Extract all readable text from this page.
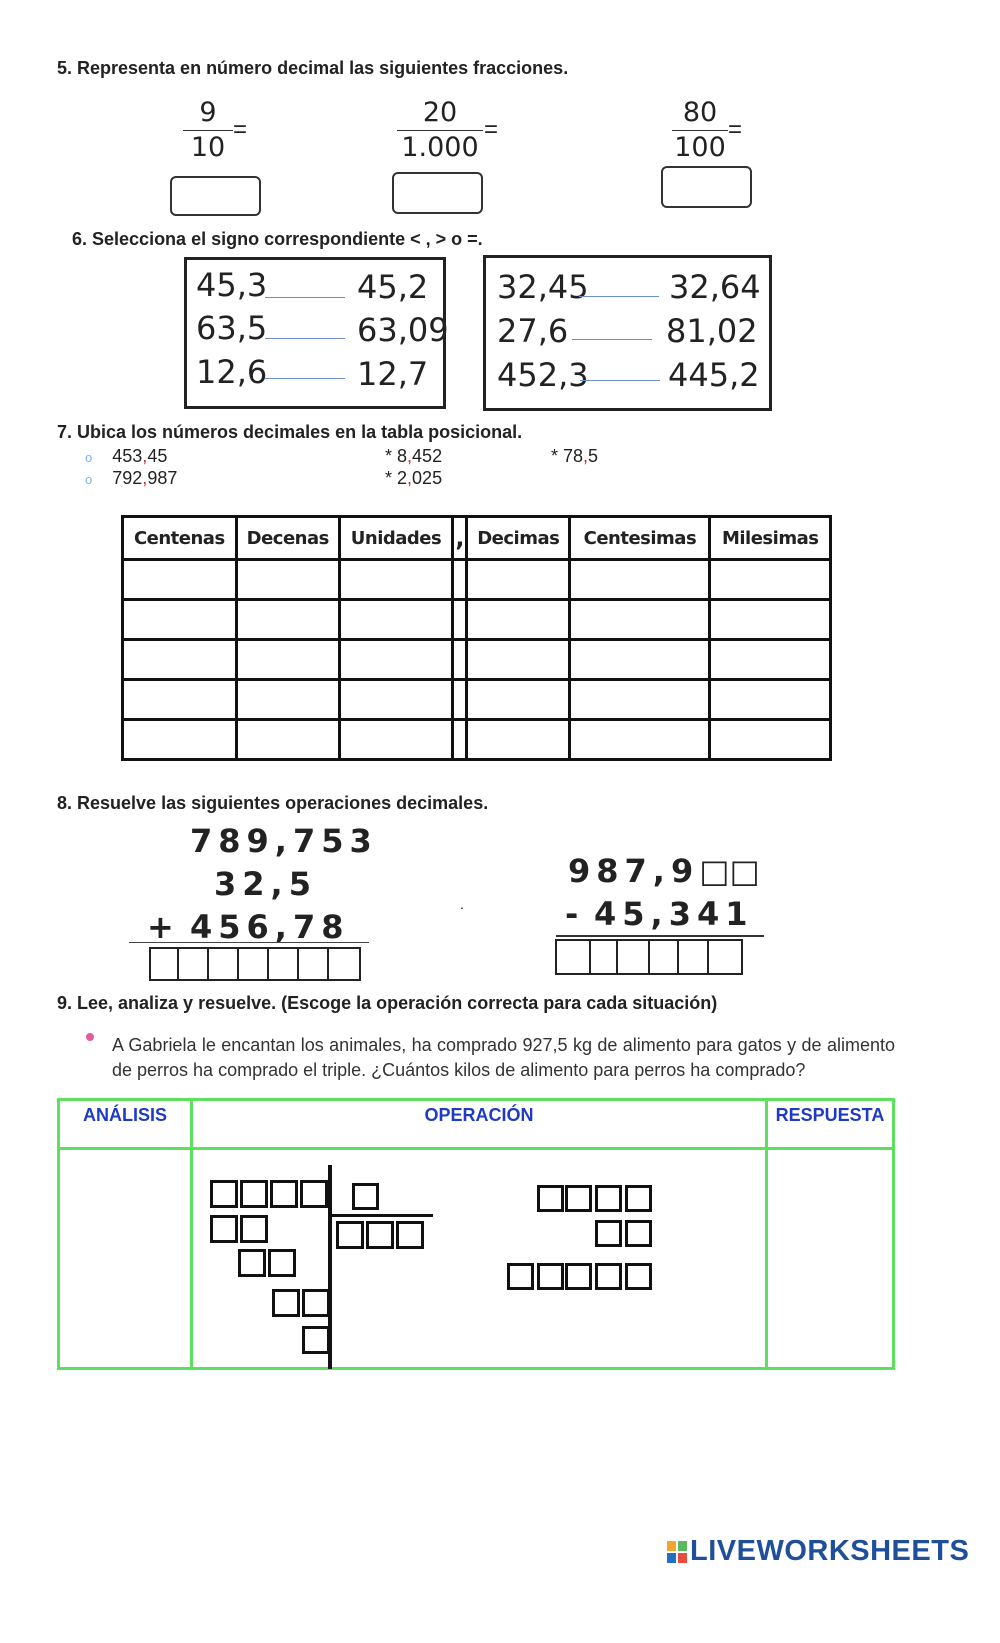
5. Representa en número decimal las siguientes fracciones.
$\frac{9}{10}$ =	$\frac{20}{1.000}$ =	$\frac{80}{100}$ =
6. Selecciona el signo correspondiente < , > o =.
45,3	45,2
63,5	63,09
12,6	12,7
32,45	32,64
27,6	81,02
452,3 445,2
7. Ubica los números decimales en la tabla posicional.
o 453,45
o 792,987
* 8,452
* 2,025
* 78,5
Centenas	Decenas	Unidades	,	Decimas	Centesimas	Milesimas

8. Resuelve las siguientes operaciones decimales.
789,753
32,5
+ 456,78
.
987,9□□
- 45,341
9. Lee, analiza y resuelve. (Escoge la operación correcta para cada situación)
A Gabriela le encantan los animales, ha comprado 927,5 kg de alimento para gatos y de alimento de perros ha comprado el triple. ¿Cuántos kilos de alimento para perros ha comprado?
ANÁLISIS	OPERACIÓN	RESPUESTA

LIVEWORKSHEETS
